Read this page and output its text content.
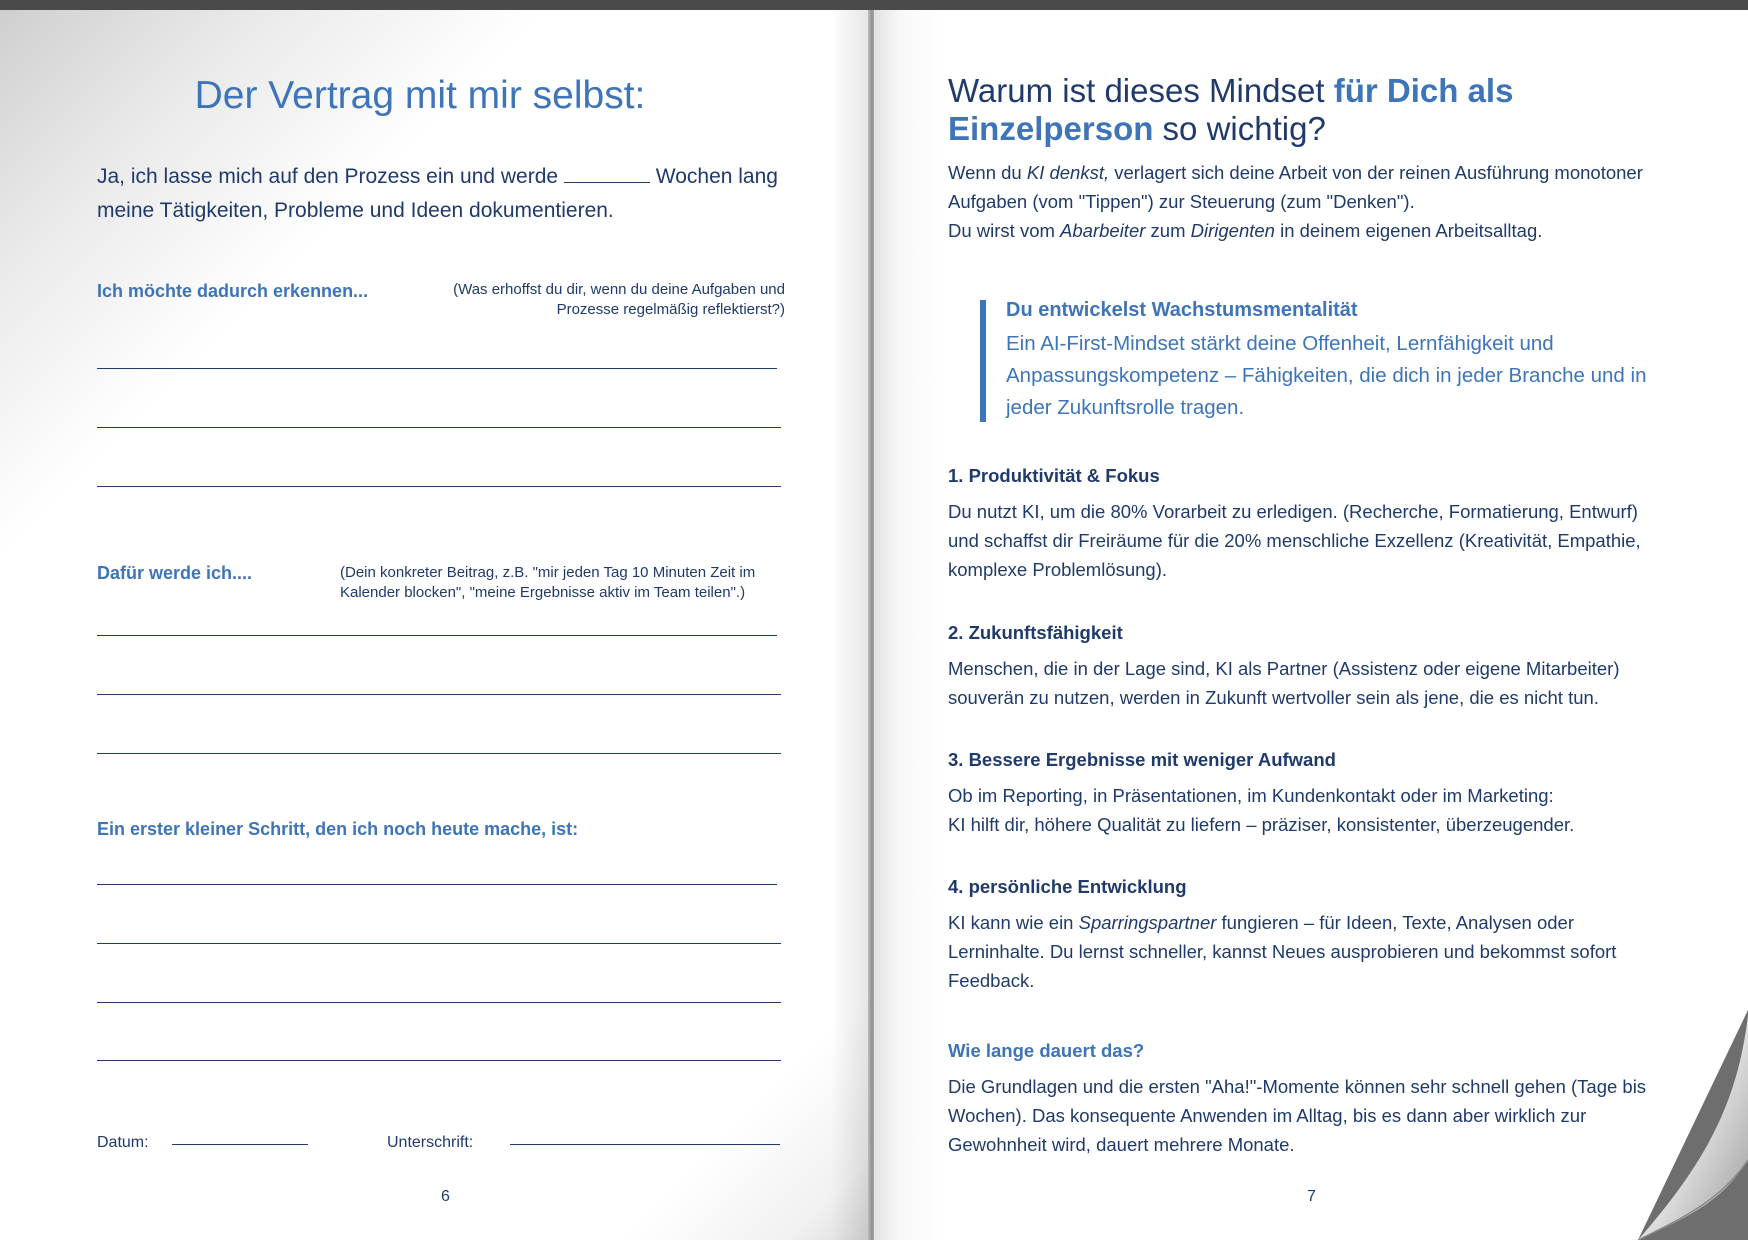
Der Vertrag mit mir selbst:

Ja, ich lasse mich auf den Prozess ein und werde	Wochen lang meine Tätigkeiten, Probleme und Ideen dokumentieren.

Ich möchte dadurch erkennen...	(Was erhoffst du dir, wenn du deine Aufgaben und
Prozesse regelmäßig reflektierst?)
Dafür werde ich....	(Dein konkreter Beitrag, z.B. "mir jeden Tag 10 Minuten Zeit im
Kalender blocken", "meine Ergebnisse aktiv im Team teilen".)
Ein erster kleiner Schritt, den ich noch heute mache, ist:
Datum:	Unterschrift:
6
Warum ist dieses Mindset für Dich als Einzelperson so wichtig?

Wenn du KI denkst, verlagert sich deine Arbeit von der reinen Ausführung monotoner Aufgaben (vom "Tippen") zur Steuerung (zum "Denken").
Du wirst vom Abarbeiter zum Dirigenten in deinem eigenen Arbeitsalltag.

Du entwickelst Wachstumsmentalität

Ein AI-First-Mindset stärkt deine Offenheit, Lernfähigkeit und Anpassungskompetenz – Fähigkeiten, die dich in jeder Branche und in jeder Zukunftsrolle tragen.

1. Produktivität & Fokus

Du nutzt KI, um die 80% Vorarbeit zu erledigen. (Recherche, Formatierung, Entwurf) und schaffst dir Freiräume für die 20% menschliche Exzellenz (Kreativität, Empathie, komplexe Problemlösung).

2. Zukunftsfähigkeit

Menschen, die in der Lage sind, KI als Partner (Assistenz oder eigene Mitarbeiter) souverän zu nutzen, werden in Zukunft wertvoller sein als jene, die es nicht tun.

3. Bessere Ergebnisse mit weniger Aufwand

Ob im Reporting, in Präsentationen, im Kundenkontakt oder im Marketing:
KI hilft dir, höhere Qualität zu liefern – präziser, konsistenter, überzeugender.

4. persönliche Entwicklung

KI kann wie ein Sparringspartner fungieren – für Ideen, Texte, Analysen oder Lerninhalte. Du lernst schneller, kannst Neues ausprobieren und bekommst sofort Feedback.

Wie lange dauert das?

Die Grundlagen und die ersten "Aha!"-Momente können sehr schnell gehen (Tage bis Wochen). Das konsequente Anwenden im Alltag, bis es dann aber wirklich zur Gewohnheit wird, dauert mehrere Monate.

7
